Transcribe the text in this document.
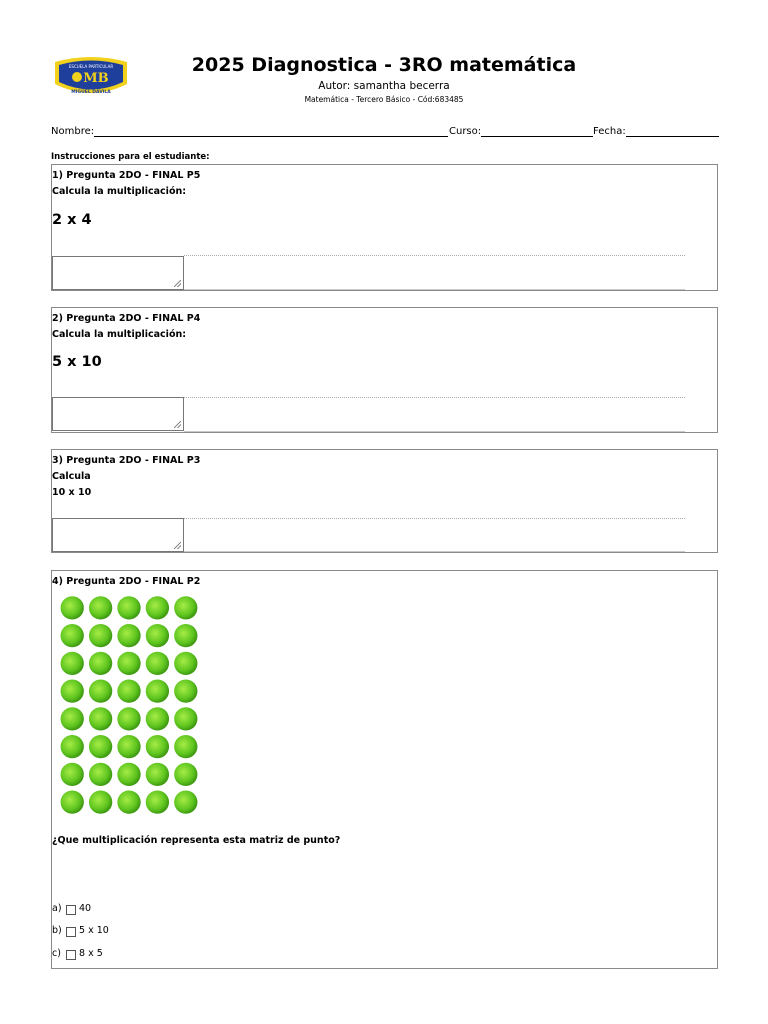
ESCUELA PARTICULAR
MB
MIGUEL DAVILA
2025 Diagnostica - 3RO matemática
Autor: samantha becerra
Matemática - Tercero Básico - Cód:683485
Nombre:	Curso:	Fecha:
Instrucciones para el estudiante:
1) Pregunta 2DO - FINAL P5
Calcula la multiplicación:
2 x 4
2) Pregunta 2DO - FINAL P4
Calcula la multiplicación:
5 x 10
3) Pregunta 2DO - FINAL P3
Calcula
10 x 10
4) Pregunta 2DO - FINAL P2
¿Que multiplicación representa esta matriz de punto?
a)	40
b)	5 x 10
c)	8 x 5
